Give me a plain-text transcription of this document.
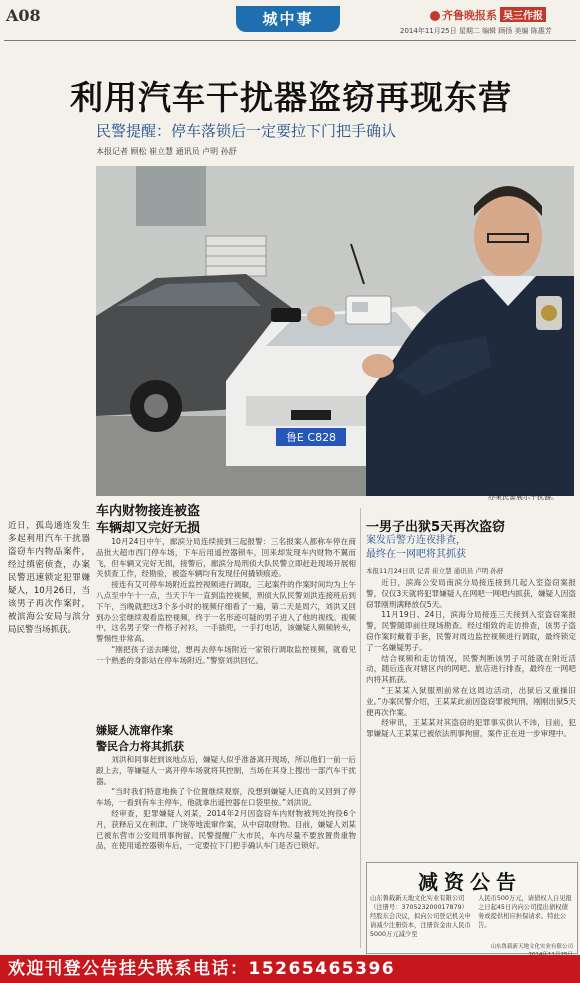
A08	城中事	齐鲁晚报系 吴三作报
2014年11月25日 星期二 编辑 顾扬 美编 陈惠芳
利用汽车干扰器盗窃再现东营
民警提醒：停车落锁后一定要拉下门把手确认
本报记者 顾松 崔立慧 通讯员 卢明 孙舒
鲁E C828
办案民警展示干扰器。
近日，孤岛通连发生多起利用汽车干扰器盗窃车内物品案件，经过缜密侦查，办案民警迅速锁定犯罪嫌疑人，10月26日，当该男子再次作案时，被滨海公安局与滨分局民警当场抓获。
车内财物接连被盗
车辆却又完好无损

10月24日中午，廊滨分局连续接到三起报警：三名报案人都称车停在商品批大超市西门停车场，下车后用遥控器锁车，回来却发现车内财物不翼而飞，但车辆又完好无损，接警后，廊滨分局刑侦大队民警立即赶赴现场开展相关侦查工作，经勘验，被盗车辆均有发现任何撬锁痕迹。

接连有艾可停车场附近监控视频进行调取，三起案件的作案时间均为上午八点至中午十一点，当天下午一直到监控视频，刑侦大队民警刘洪连接班后到下午，当晚就把这3个多小时的视频仔细看了一遍，第二天是周六，刘洪又回到办公室继续观看监控视频，终于一名形迹可疑的男子进入了他的视线。视频中，这名男子穿一件格子衬衫，一手插兜，一手打电话，该嫌疑人频频转头，警惕性非常高。

“刚把孩子送去睡觉，想再去停车场附近一家银行调取监控视频，就看见一个熟悉的身影站在停车场附近。”警察刘洪回忆。

嫌疑人流窜作案
警民合力将其抓获

刘洪和同事赶到该地点后，嫌疑人似乎准备离开现场，所以他们一前一后跟上去，等嫌疑人一离开停车场就将其控制，当场在其身上搜出一部汽车干扰器。

“当时我们特意地换了个位置继续观察，没想到嫌疑人还真的又回到了停车场，一看到有车主停车，他就拿出遥控器在口袋里按。”刘洪说。

经审查，犯罪嫌疑人刘某，2014年2月因盗窃车内财物被判处拘役6个月，获释后又在利津、广饶等地流窜作案，从中窃取财物。目前，嫌疑人刘某已被东营市公安局刑事拘留。民警提醒广大市民，车内尽量不要放置贵重物品，在使用遥控器锁车后，一定要拉下门把手确认车门是否已锁好。

一男子出狱5天再次盗窃
案发后警方连夜排查，
最终在一网吧将其抓获
本报11月24日讯 记者 崔立慧 通讯员 卢明 孙舒

近日，滨海公安局南滨分局接连接到几起入室盗窃案报警，仅仅3天就将犯罪嫌疑人在网吧一网吧内抓获，嫌疑人因盗窃罪刚刑满释放仅5天。

11月19日、24日，滨海分局接连三天接到入室盗窃案报警，民警随即前往现场勘查。经过细致的走访排查，该男子盗窃作案时戴着手套，民警对周边监控视频进行调取，最终锁定了一名嫌疑男子。

结合视频和走访情况，民警判断该男子可能就在附近活动，随后连夜对辖区内的网吧、旅店进行排查，最终在一网吧内将其抓获。

“王某某入狱服刑前常在这周边活动，出狱后又重操旧业。”办案民警介绍，王某某此前因盗窃罪被判刑，刚刚出狱5天便再次作案。

经审讯，王某某对其盗窃的犯罪事实供认不讳，目前，犯罪嫌疑人王某某已被依法刑事拘留，案件正在进一步审理中。

减资公告
山东鲁载新天地文化实业有限公司（注册号：370523200017879）经股东会决议，拟向公司登记机关申请减少注册资本，注册资金由人民币5000万元减少至
人民币500万元，请债权人自见报之日起45日内向公司提出债权债务或提供相应担保请求。特此公告。
山东鲁载新天地文化实业有限公司
欢迎刊登公告挂失联系电话：15265465396
